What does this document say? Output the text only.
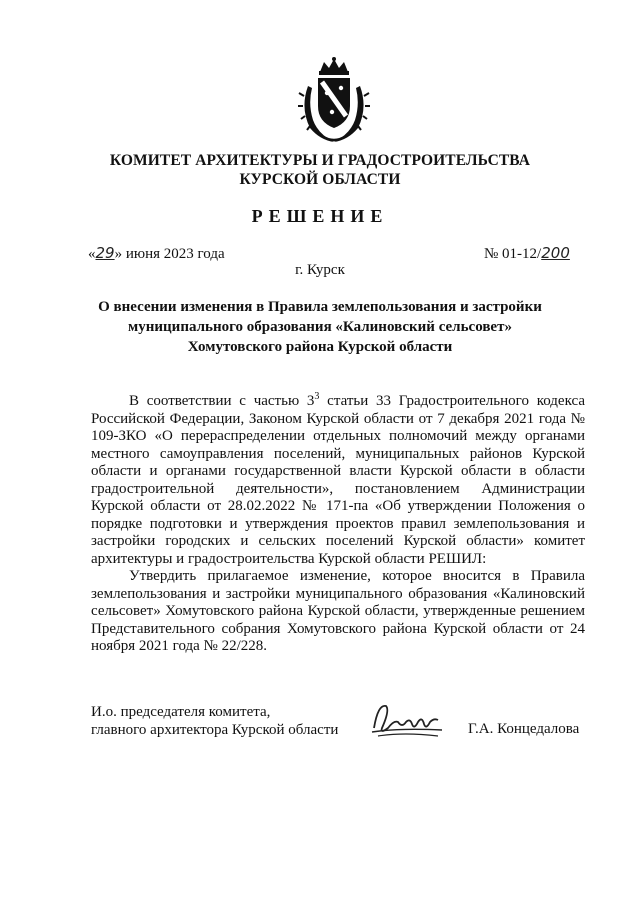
КОМИТЕТ АРХИТЕКТУРЫ И ГРАДОСТРОИТЕЛЬСТВА
КУРСКОЙ ОБЛАСТИ
РЕШЕНИЕ
«29» июня 2023 года	№ 01-12/200
г. Курск
О внесении изменения в Правила землепользования и застройки
муниципального образования «Калиновский сельсовет»
Хомутовского района Курской области

В соответствии с частью $3^3$ статьи 33 Градостроительного кодекса Российской Федерации, Законом Курской области от 7 декабря 2021 года № 109-ЗКО «О перераспределении отдельных полномочий между органами местного самоуправления поселений, муниципальных районов Курской области и органами государственной власти Курской области в области градостроительной деятельности», постановлением Администрации Курской области от 28.02.2022 № 171-па «Об утверждении Положения о порядке подготовки и утверждения проектов правил землепользования и застройки городских и сельских поселений Курской области» комитет архитектуры и градостроительства Курской области РЕШИЛ:

Утвердить прилагаемое изменение, которое вносится в Правила землепользования и застройки муниципального образования «Калиновский сельсовет» Хомутовского района Курской области, утвержденные решением Представительного собрания Хомутовского района Курской области от 24 ноября 2021 года № 22/228.

И.о. председателя комитета,
главного архитектора Курской области	Г.А. Концедалова
